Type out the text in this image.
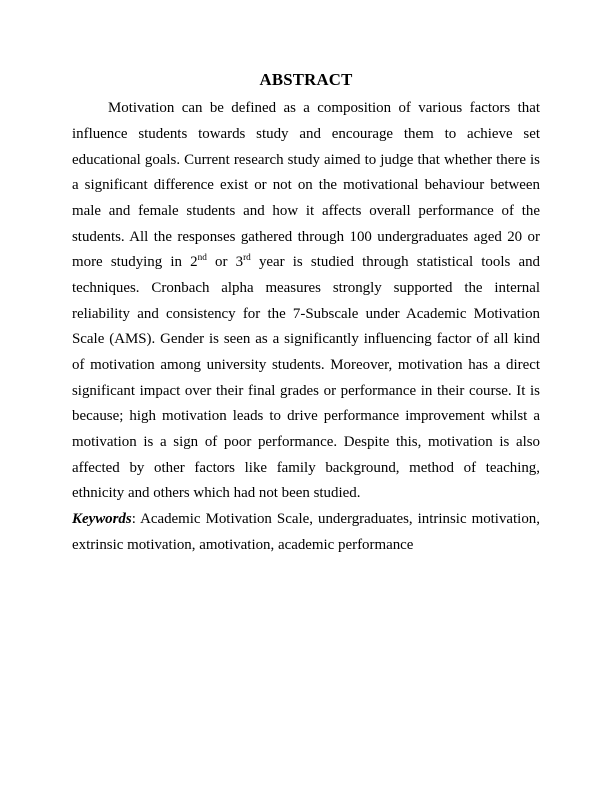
ABSTRACT

Motivation can be defined as a composition of various factors that influence students towards study and encourage them to achieve set educational goals. Current research study aimed to judge that whether there is a significant difference exist or not on the motivational behaviour between male and female students and how it affects overall performance of the students. All the responses gathered through 100 undergraduates aged 20 or more studying in 2nd or 3rd year is studied through statistical tools and techniques. Cronbach alpha measures strongly supported the internal reliability and consistency for the 7-Subscale under Academic Motivation Scale (AMS). Gender is seen as a significantly influencing factor of all kind of motivation among university students. Moreover, motivation has a direct significant impact over their final grades or performance in their course. It is because; high motivation leads to drive performance improvement whilst a motivation is a sign of poor performance. Despite this, motivation is also affected by other factors like family background, method of teaching, ethnicity and others which had not been studied.

Keywords: Academic Motivation Scale, undergraduates, intrinsic motivation, extrinsic motivation, amotivation, academic performance
